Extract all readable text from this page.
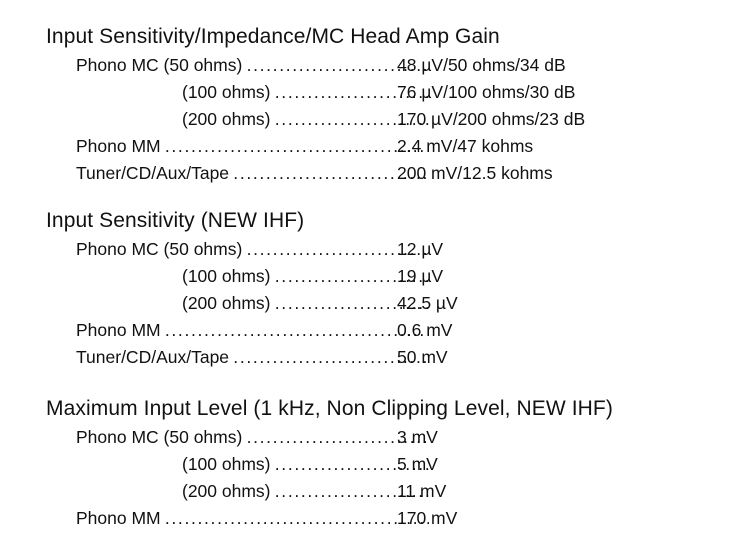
Input Sensitivity/Impedance/MC Head Amp Gain
Phono MC (50 ohms) . . .	48 µV/50 ohms/34 dB
(100 ohms) . . .	76 µV/100 ohms/30 dB
(200 ohms) . . .	170 µV/200 ohms/23 dB
Phono MM . . .	2.4 mV/47 kohms
Tuner/CD/Aux/Tape . . .	200 mV/12.5 kohms
Input Sensitivity (NEW IHF)
Phono MC (50 ohms) . . .	12 µV
(100 ohms) . . .	19 µV
(200 ohms) . . .	42.5 µV
Phono MM . . .	0.6 mV
Tuner/CD/Aux/Tape . . .	50 mV
Maximum Input Level (1 kHz, Non Clipping Level, NEW IHF)
Phono MC (50 ohms) . . .	3 mV
(100 ohms) . . .	5 mV
(200 ohms) . . .	11 mV
Phono MM . . .	170 mV
